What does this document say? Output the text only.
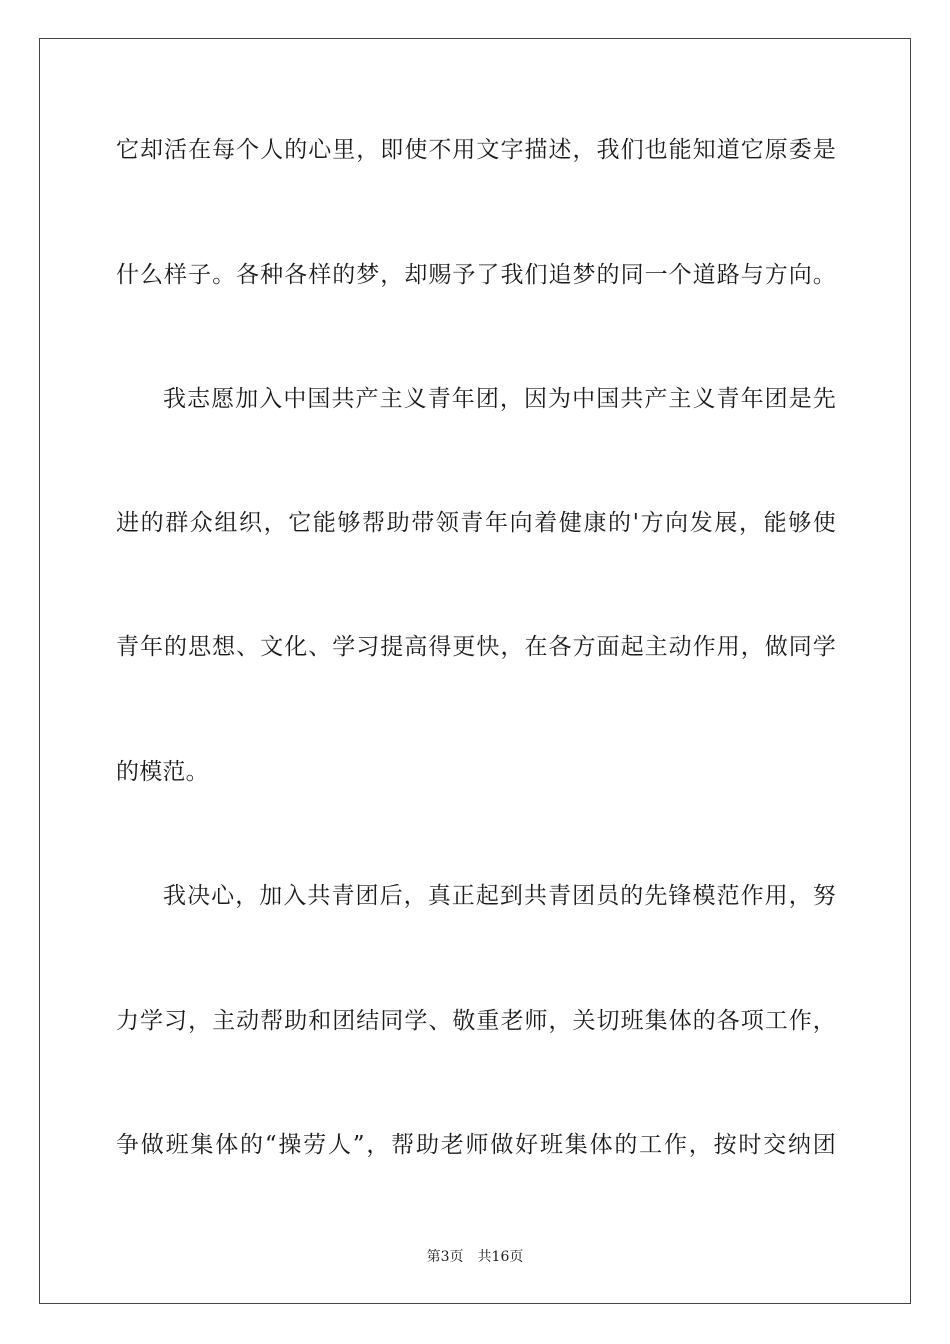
它却活在每个人的心里，即使不用文字描述，我们也能知道它原委是
什么样子。各种各样的梦，却赐予了我们追梦的同一个道路与方向。
我志愿加入中国共产主义青年团，因为中国共产主义青年团是先
进的群众组织，它能够帮助带领青年向着健康的'方向发展，能够使
青年的思想、文化、学习提高得更快，在各方面起主动作用，做同学
的模范。
我决心，加入共青团后，真正起到共青团员的先锋模范作用，努
力学习，主动帮助和团结同学、敬重老师，关切班集体的各项工作，
争做班集体的“操劳人”，帮助老师做好班集体的工作，按时交纳团
第3页 共16页
